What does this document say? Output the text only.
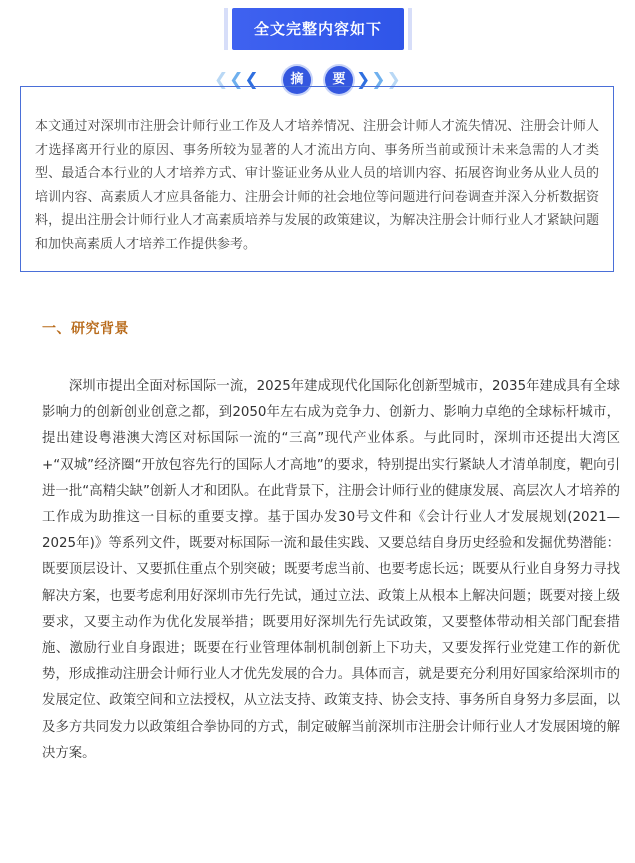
全文完整内容如下
❮ ❮ ❮	摘	要 ❯ ❯ ❯

本文通过对深圳市注册会计师行业工作及人才培养情况、注册会计师人才流失情况、注册会计师人才选择离开行业的原因、事务所较为显著的人才流出方向、事务所当前或预计未来急需的人才类型、最适合本行业的人才培养方式、审计鉴证业务从业人员的培训内容、拓展咨询业务从业人员的培训内容、高素质人才应具备能力、注册会计师的社会地位等问题进行问卷调查并深入分析数据资料，提出注册会计师行业人才高素质培养与发展的政策建议，为解决注册会计师行业人才紧缺问题和加快高素质人才培养工作提供参考。

一、研究背景

　　深圳市提出全面对标国际一流，2025年建成现代化国际化创新型城市，2035年建成具有全球影响力的创新创业创意之都，到2050年左右成为竞争力、创新力、影响力卓绝的全球标杆城市，提出建设粤港澳大湾区对标国际一流的“三高”现代产业体系。与此同时，深圳市还提出大湾区+“双城”经济圈“开放包容先行的国际人才高地”的要求，特别提出实行紧缺人才清单制度，靶向引进一批“高精尖缺”创新人才和团队。在此背景下，注册会计师行业的健康发展、高层次人才培养的工作成为助推这一目标的重要支撑。基于国办发30号文件和《会计行业人才发展规划(2021—2025年)》等系列文件，既要对标国际一流和最佳实践、又要总结自身历史经验和发掘优势潜能：既要顶层设计、又要抓住重点个别突破；既要考虑当前、也要考虑长远；既要从行业自身努力寻找解决方案，也要考虑利用好深圳市先行先试，通过立法、政策上从根本上解决问题；既要对接上级要求，又要主动作为优化发展举措；既要用好深圳先行先试政策，又要整体带动相关部门配套措施、激励行业自身跟进；既要在行业管理体制机制创新上下功夫，又要发挥行业党建工作的新优势，形成推动注册会计师行业人才优先发展的合力。具体而言，就是要充分利用好国家给深圳市的发展定位、政策空间和立法授权，从立法支持、政策支持、协会支持、事务所自身努力多层面，以及多方共同发力以政策组合拳协同的方式，制定破解当前深圳市注册会计师行业人才发展困境的解决方案。
